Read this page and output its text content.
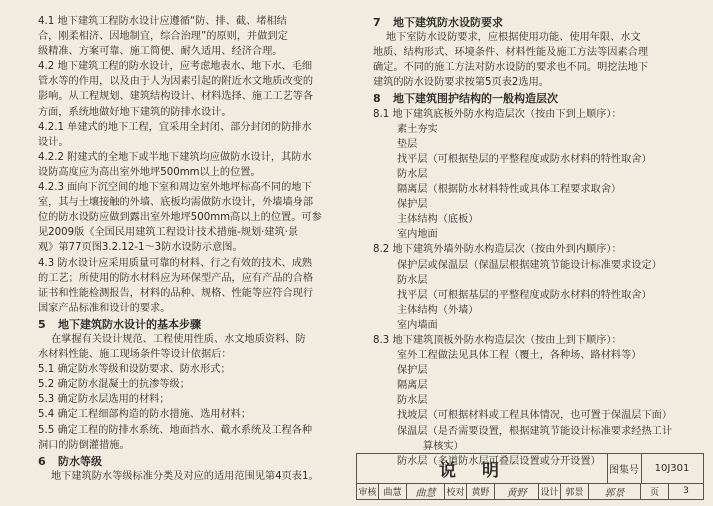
4.1 地下建筑工程防水设计应遵循“防、排、截、堵相结
合，刚柔相济、因地制宜，综合治理”的原则，并做到定
级精准、方案可靠、施工简便、耐久适用、经济合理。
4.2 地下建筑工程的防水设计，应考虑地表水、地下水、毛细
管水等的作用，以及由于人为因素引起的附近水文地质改变的
影响。从工程规划、建筑结构设计、材料选择、施工工艺等各
方面，系统地做好地下建筑的防排水设计。
4.2.1 单建式的地下工程，宜采用全封闭、部分封闭的防排水
设计。
4.2.2 附建式的全地下或半地下建筑均应做防水设计，其防水
设防高度应为高出室外地坪500mm以上的位置。
4.2.3 面向下沉空间的地下室和周边室外地坪标高不同的地下
室，其与土壤接触的外墙、底板均需做防水设计，外墙墙身部
位的防水设防应做到露出室外地坪500mm高以上的位置。可参
见2009版《全国民用建筑工程设计技术措施-规划·建筑·景
观》第77页图3.2.12-1～3防水设防示意图。
4.3 防水设计应采用质量可靠的材料、行之有效的技术、成熟
的工艺；所使用的防水材料应为环保型产品，应有产品的合格
证书和性能检测报告，材料的品种、规格、性能等应符合现行
国家产品标准和设计的要求。
5 地下建筑防水设计的基本步骤
在掌握有关设计规范、工程使用性质、水文地质资料、防
水材料性能、施工现场条件等设计依据后：
5.1 确定防水等级和设防要求、防水形式；
5.2 确定防水混凝土的抗渗等级；
5.3 确定防水层选用的材料；
5.4 确定工程细部构造的防水措施、选用材料；
5.5 确定工程的防排水系统、地面挡水、截水系统及工程各种
洞口的防倒灌措施。
6 防水等级
地下建筑防水等级标准分类及对应的适用范围见第4页表1。
7 地下建筑防水设防要求
地下室防水设防要求，应根据使用功能、使用年限、水文
地质、结构形式、环境条件、材料性能及施工方法等因素合理
确定。不同的施工方法对防水设防的要求也不同。明挖法地下
建筑的防水设防要求按第5页表2选用。
8 地下建筑围护结构的一般构造层次
8.1 地下建筑底板外防水构造层次（按由下到上顺序）：
素土夯实
垫层
找平层（可根据垫层的平整程度或防水材料的特性取舍）
防水层
隔离层（根据防水材料特性或具体工程要求取舍）
保护层
主体结构（底板）
室内地面
8.2 地下建筑外墙外防水构造层次（按由外到内顺序）：
保护层或保温层（保温层根据建筑节能设计标准要求设定）
防水层
找平层（可根据基层的平整程度或防水材料的特性取舍）
主体结构（外墙）
室内墙面
8.3 地下建筑顶板外防水构造层次（按由上到下顺序）：
室外工程做法见具体工程（覆土，各种场、路材料等）
保护层
隔离层
防水层
找坡层（可根据材料或工程具体情况，也可置于保温层下面）
保温层（是否需要设置，根据建筑节能设计标准要求经热工计
算核实）
防水层（多道防水层可叠层设置或分开设置）
说明	图集号	10J301
审核 曲慧	曲慧	校对 黄野	黄野	设计 郭景	郭景	页	3
